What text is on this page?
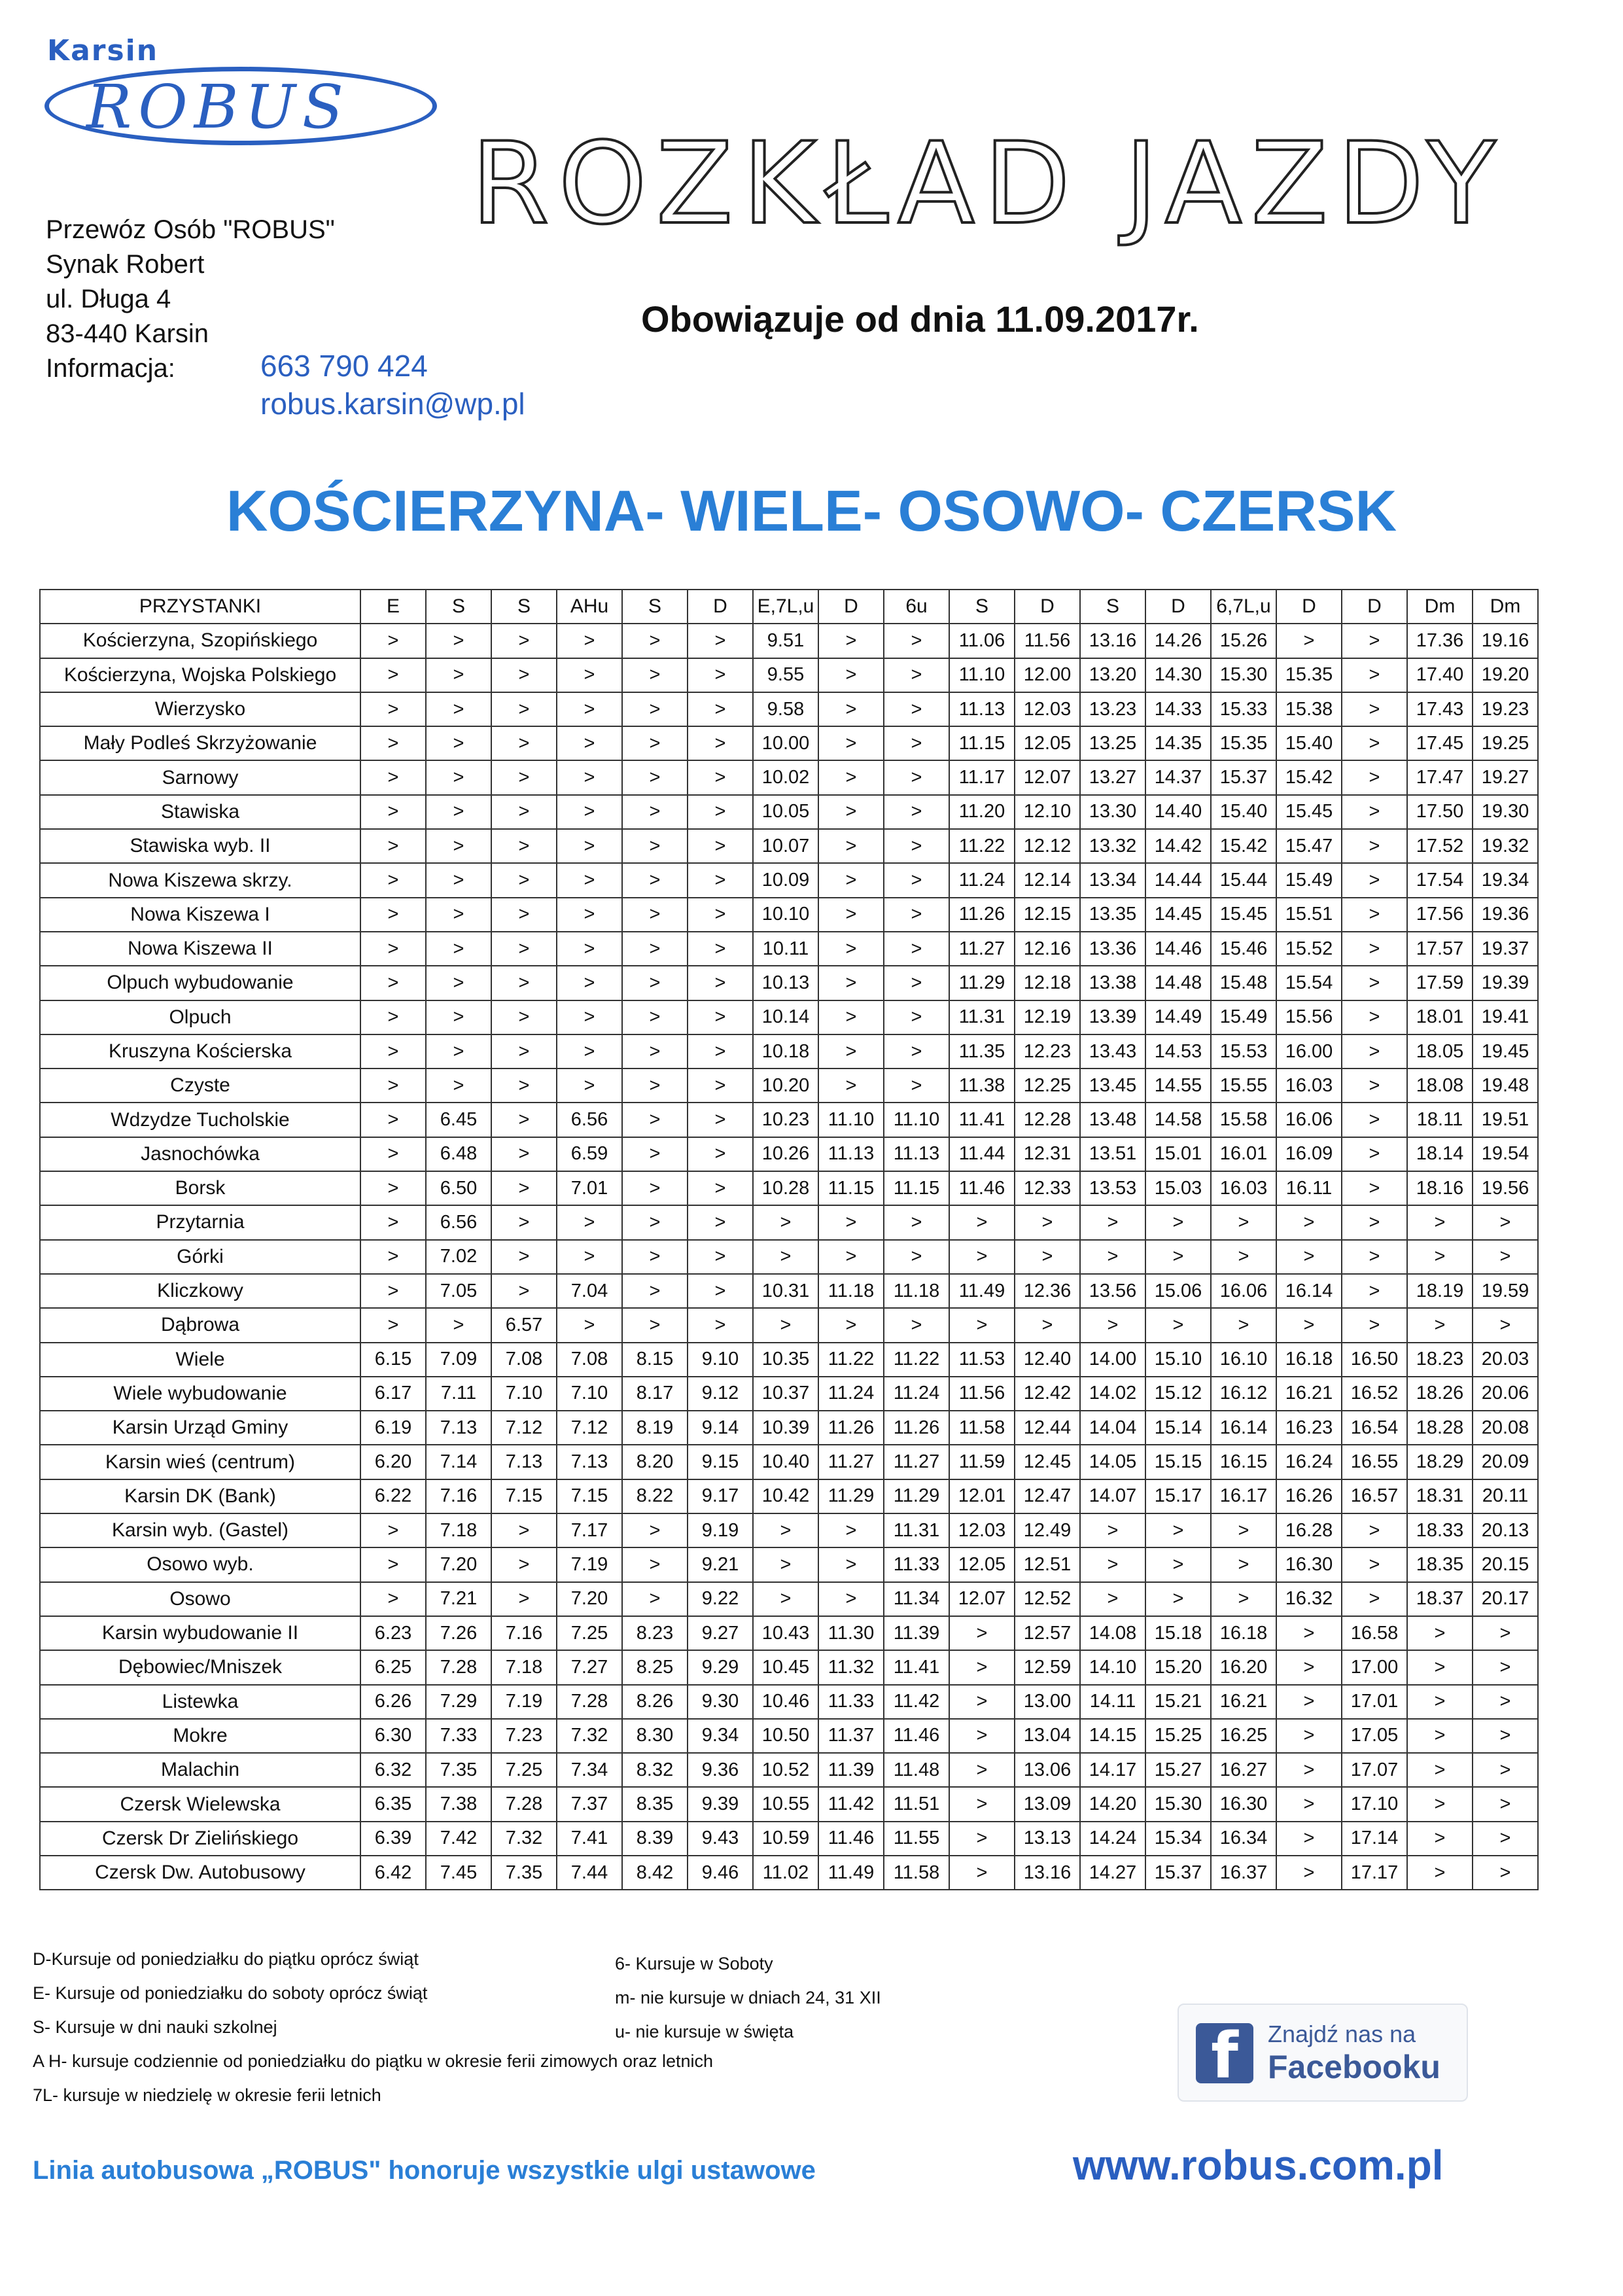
Karsin
ROBUS
ROZKŁAD JAZDY
Przewóz Osób "ROBUS"
Synak Robert
ul. Długa 4
83-440 Karsin
Informacja:	663 790 424
robus.karsin@wp.pl
Obowiązuje od dnia 11.09.2017r.
KOŚCIERZYNA- WIELE- OSOWO- CZERSK
PRZYSTANKI	E	S	S	AHu	S	D	E,7L,u	D	6u	S	D	S	D	6,7L,u	D	D	Dm	Dm
Kościerzyna, Szopińskiego	>	>	>	>	>	>	9.51	>	>	11.06	11.56	13.16	14.26	15.26	>	>	17.36	19.16
Kościerzyna, Wojska Polskiego	>	>	>	>	>	>	9.55	>	>	11.10	12.00	13.20	14.30	15.30	15.35	>	17.40	19.20
Wierzysko	>	>	>	>	>	>	9.58	>	>	11.13	12.03	13.23	14.33	15.33	15.38	>	17.43	19.23
Mały Podleś Skrzyżowanie	>	>	>	>	>	>	10.00	>	>	11.15	12.05	13.25	14.35	15.35	15.40	>	17.45	19.25
Sarnowy	>	>	>	>	>	>	10.02	>	>	11.17	12.07	13.27	14.37	15.37	15.42	>	17.47	19.27
Stawiska	>	>	>	>	>	>	10.05	>	>	11.20	12.10	13.30	14.40	15.40	15.45	>	17.50	19.30
Stawiska wyb. II	>	>	>	>	>	>	10.07	>	>	11.22	12.12	13.32	14.42	15.42	15.47	>	17.52	19.32
Nowa Kiszewa skrzy.	>	>	>	>	>	>	10.09	>	>	11.24	12.14	13.34	14.44	15.44	15.49	>	17.54	19.34
Nowa Kiszewa I	>	>	>	>	>	>	10.10	>	>	11.26	12.15	13.35	14.45	15.45	15.51	>	17.56	19.36
Nowa Kiszewa II	>	>	>	>	>	>	10.11	>	>	11.27	12.16	13.36	14.46	15.46	15.52	>	17.57	19.37
Olpuch wybudowanie	>	>	>	>	>	>	10.13	>	>	11.29	12.18	13.38	14.48	15.48	15.54	>	17.59	19.39
Olpuch	>	>	>	>	>	>	10.14	>	>	11.31	12.19	13.39	14.49	15.49	15.56	>	18.01	19.41
Kruszyna Kościerska	>	>	>	>	>	>	10.18	>	>	11.35	12.23	13.43	14.53	15.53	16.00	>	18.05	19.45
Czyste	>	>	>	>	>	>	10.20	>	>	11.38	12.25	13.45	14.55	15.55	16.03	>	18.08	19.48
Wdzydze Tucholskie	>	6.45	>	6.56	>	>	10.23	11.10	11.10	11.41	12.28	13.48	14.58	15.58	16.06	>	18.11	19.51
Jasnochówka	>	6.48	>	6.59	>	>	10.26	11.13	11.13	11.44	12.31	13.51	15.01	16.01	16.09	>	18.14	19.54
Borsk	>	6.50	>	7.01	>	>	10.28	11.15	11.15	11.46	12.33	13.53	15.03	16.03	16.11	>	18.16	19.56
Przytarnia	>	6.56	>	>	>	>	>	>	>	>	>	>	>	>	>	>	>	>
Górki	>	7.02	>	>	>	>	>	>	>	>	>	>	>	>	>	>	>	>
Kliczkowy	>	7.05	>	7.04	>	>	10.31	11.18	11.18	11.49	12.36	13.56	15.06	16.06	16.14	>	18.19	19.59
Dąbrowa	>	>	6.57	>	>	>	>	>	>	>	>	>	>	>	>	>	>	>
Wiele	6.15	7.09	7.08	7.08	8.15	9.10	10.35	11.22	11.22	11.53	12.40	14.00	15.10	16.10	16.18	16.50	18.23	20.03
Wiele wybudowanie	6.17	7.11	7.10	7.10	8.17	9.12	10.37	11.24	11.24	11.56	12.42	14.02	15.12	16.12	16.21	16.52	18.26	20.06
Karsin Urząd Gminy	6.19	7.13	7.12	7.12	8.19	9.14	10.39	11.26	11.26	11.58	12.44	14.04	15.14	16.14	16.23	16.54	18.28	20.08
Karsin wieś (centrum)	6.20	7.14	7.13	7.13	8.20	9.15	10.40	11.27	11.27	11.59	12.45	14.05	15.15	16.15	16.24	16.55	18.29	20.09
Karsin DK (Bank)	6.22	7.16	7.15	7.15	8.22	9.17	10.42	11.29	11.29	12.01	12.47	14.07	15.17	16.17	16.26	16.57	18.31	20.11
Karsin wyb. (Gastel)	>	7.18	>	7.17	>	9.19	>	>	11.31	12.03	12.49	>	>	>	16.28	>	18.33	20.13
Osowo wyb.	>	7.20	>	7.19	>	9.21	>	>	11.33	12.05	12.51	>	>	>	16.30	>	18.35	20.15
Osowo	>	7.21	>	7.20	>	9.22	>	>	11.34	12.07	12.52	>	>	>	16.32	>	18.37	20.17
Karsin wybudowanie II	6.23	7.26	7.16	7.25	8.23	9.27	10.43	11.30	11.39	>	12.57	14.08	15.18	16.18	>	16.58	>	>
Dębowiec/Mniszek	6.25	7.28	7.18	7.27	8.25	9.29	10.45	11.32	11.41	>	12.59	14.10	15.20	16.20	>	17.00	>	>
Listewka	6.26	7.29	7.19	7.28	8.26	9.30	10.46	11.33	11.42	>	13.00	14.11	15.21	16.21	>	17.01	>	>
Mokre	6.30	7.33	7.23	7.32	8.30	9.34	10.50	11.37	11.46	>	13.04	14.15	15.25	16.25	>	17.05	>	>
Malachin	6.32	7.35	7.25	7.34	8.32	9.36	10.52	11.39	11.48	>	13.06	14.17	15.27	16.27	>	17.07	>	>
Czersk Wielewska	6.35	7.38	7.28	7.37	8.35	9.39	10.55	11.42	11.51	>	13.09	14.20	15.30	16.30	>	17.10	>	>
Czersk Dr Zielińskiego	6.39	7.42	7.32	7.41	8.39	9.43	10.59	11.46	11.55	>	13.13	14.24	15.34	16.34	>	17.14	>	>
Czersk Dw. Autobusowy	6.42	7.45	7.35	7.44	8.42	9.46	11.02	11.49	11.58	>	13.16	14.27	15.37	16.37	>	17.17	>	>
D-Kursuje od poniedziałku do piątku oprócz świąt
E- Kursuje od poniedziałku do soboty oprócz świąt
S- Kursuje w dni nauki szkolnej
A H- kursuje codziennie od poniedziałku do piątku w okresie ferii zimowych oraz letnich
7L- kursuje w niedzielę w okresie ferii letnich
6- Kursuje w Soboty
m- nie kursuje w dniach 24, 31 XII
u- nie kursuje w święta	f	Znajdź nas na
Facebooku
Linia autobusowa „ROBUS" honoruje wszystkie ulgi ustawowe	www.robus.com.pl
